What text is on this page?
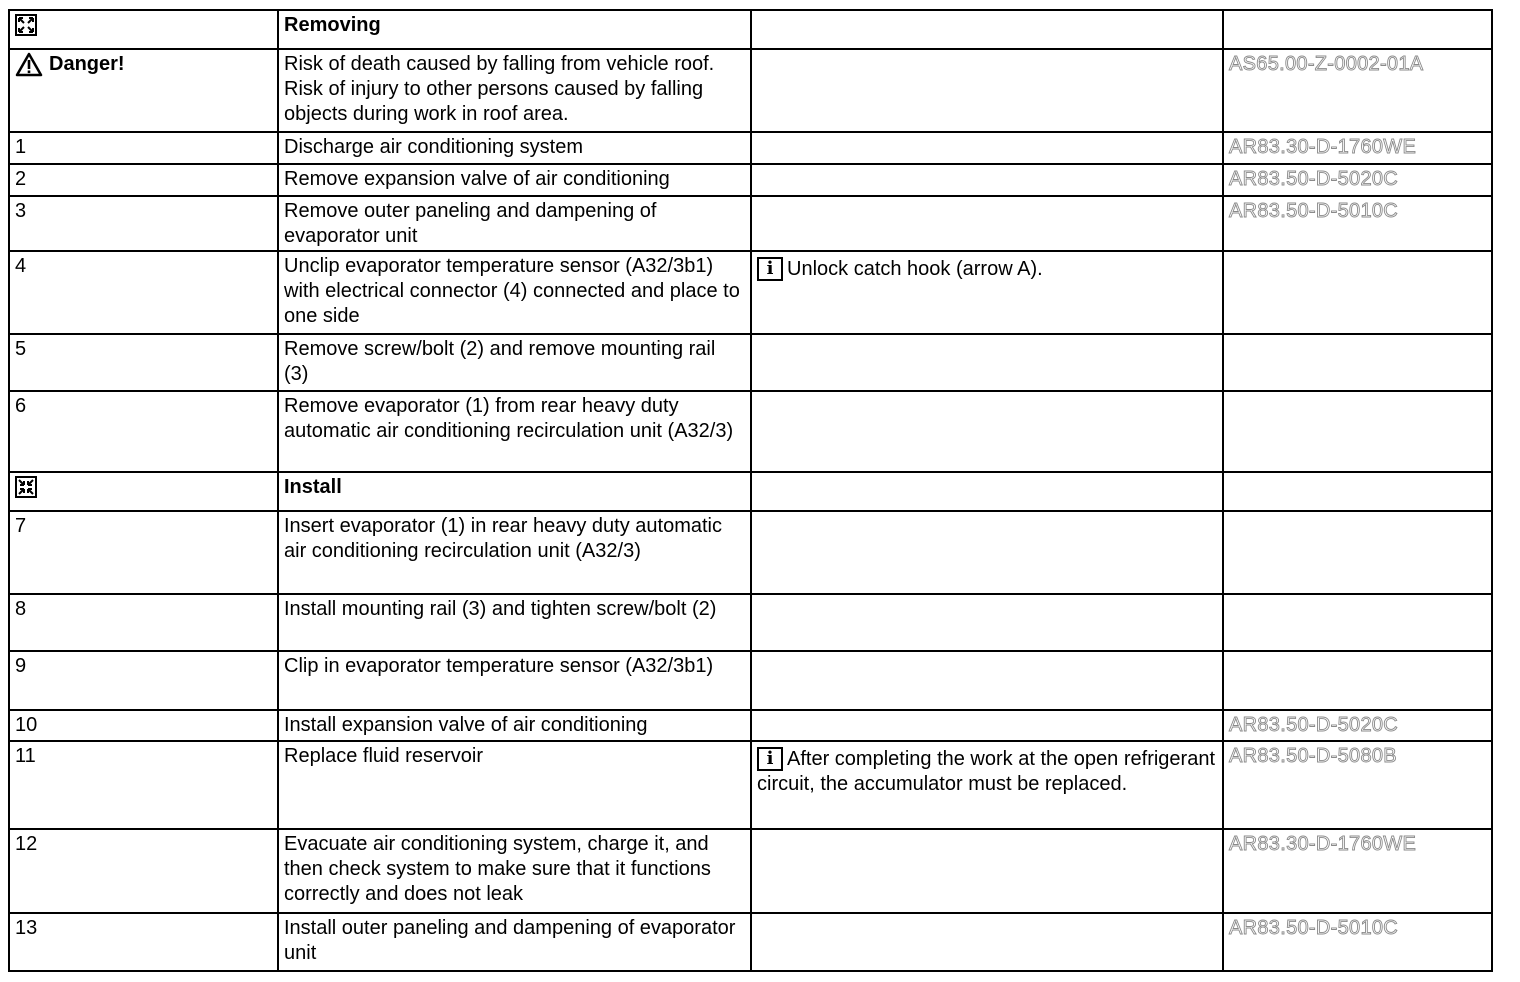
	Removing		
Danger!	Risk of death caused by falling from vehicle roof. Risk of injury to other persons caused by falling objects during work in roof area.		AS65.00-Z-0002-01A
1	Discharge air conditioning system		AR83.30-D-1760WE
2	Remove expansion valve of air conditioning		AR83.50-D-5020C
3	Remove outer paneling and dampening of evaporator unit		AR83.50-D-5010C
4	Unclip evaporator temperature sensor (A32/3b1) with electrical connector (4) connected and place to one side	i Unlock catch hook (arrow A).	
5	Remove screw/bolt (2) and remove mounting rail (3)		
6	Remove evaporator (1) from rear heavy duty automatic air conditioning recirculation unit (A32/3)		
	Install		
7	Insert evaporator (1) in rear heavy duty automatic air conditioning recirculation unit (A32/3)		
8	Install mounting rail (3) and tighten screw/bolt (2)		
9	Clip in evaporator temperature sensor (A32/3b1)		
10	Install expansion valve of air conditioning		AR83.50-D-5020C
11	Replace fluid reservoir	i After completing the work at the open refrigerant circuit, the accumulator must be replaced.	AR83.50-D-5080B
12	Evacuate air conditioning system, charge it, and then check system to make sure that it functions correctly and does not leak		AR83.30-D-1760WE
13	Install outer paneling and dampening of evaporator unit		AR83.50-D-5010C
